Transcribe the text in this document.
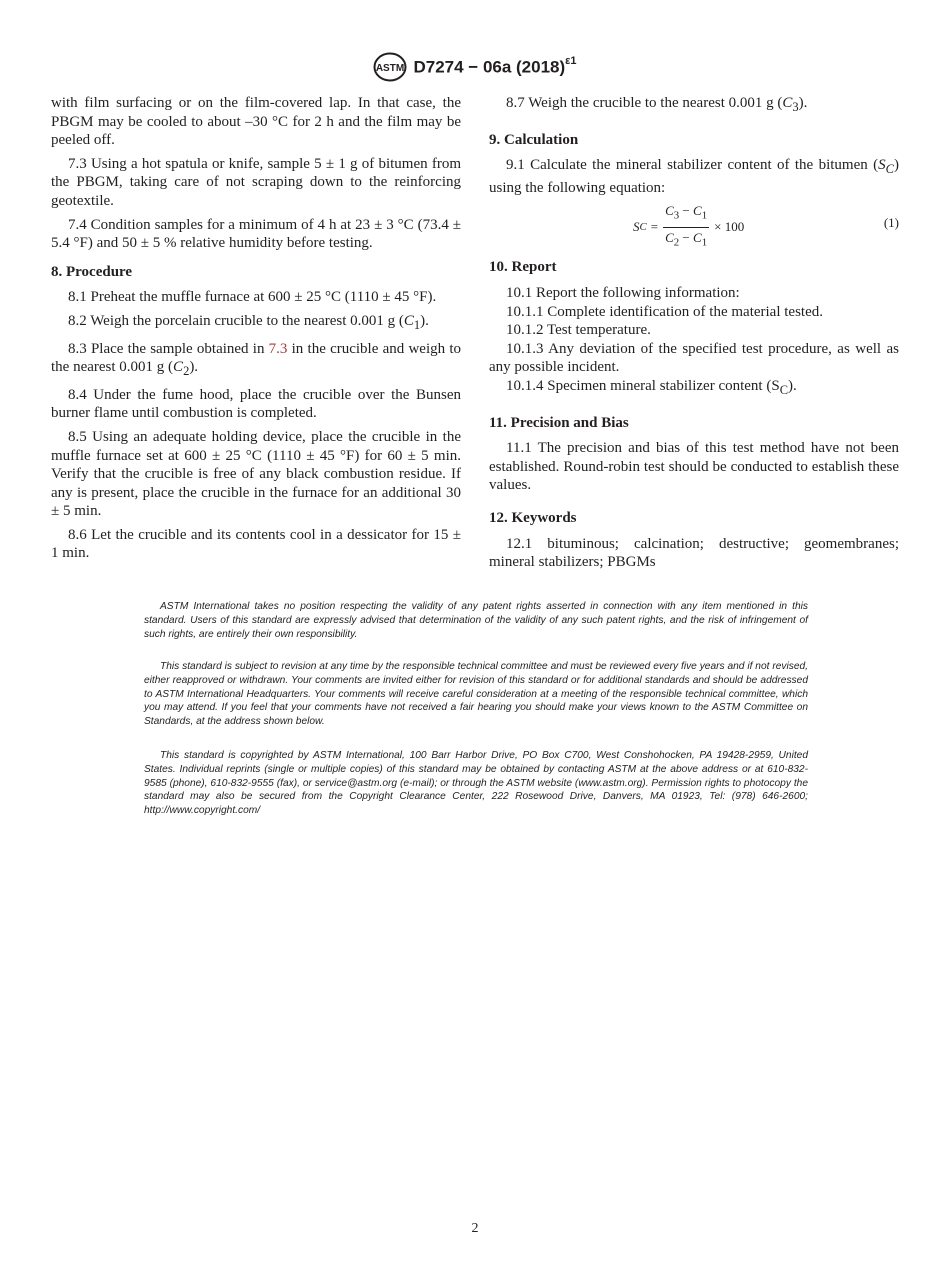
ASTM D7274 − 06a $(2018)^{\varepsilon 1}$

with film surfacing or on the film-covered lap. In that case, the PBGM may be cooled to about –30 °C for 2 h and the film may be peeled off.

7.3 Using a hot spatula or knife, sample 5 ± 1 g of bitumen from the PBGM, taking care of not scraping down to the reinforcing geotextile.

7.4 Condition samples for a minimum of 4 h at 23 ± 3 °C (73.4 ± 5.4 °F) and 50 ± 5 % relative humidity before testing.

8. Procedure

8.1 Preheat the muffle furnace at 600 ± 25 °C (1110 ± 45 °F).

8.2 Weigh the porcelain crucible to the nearest 0.001 g $(C_1)$.

8.3 Place the sample obtained in 7.3 in the crucible and weigh to the nearest 0.001 g $(C_2)$.

8.4 Under the fume hood, place the crucible over the Bunsen burner flame until combustion is completed.

8.5 Using an adequate holding device, place the crucible in the muffle furnace set at 600 ± 25 °C (1110 ± 45 °F) for 60 ± 5 min. Verify that the crucible is free of any black combustion residue. If any is present, place the crucible in the furnace for an additional 30 ± 5 min.

8.6 Let the crucible and its contents cool in a dessicator for 15 ± 1 min.

8.7 Weigh the crucible to the nearest 0.001 g $(C_3)$.

9. Calculation

9.1 Calculate the mineral stabilizer content of the bitumen $(S_C)$ using the following equation:

S $C = \frac{C_3 - C_1}{C_2 - C_1} \times 100$	(1)

10. Report

10.1 Report the following information:

10.1.1 Complete identification of the material tested.

10.1.2 Test temperature.

10.1.3 Any deviation of the specified test procedure, as well as any possible incident.

10.1.4 Specimen mineral stabilizer content $(S_C)$.

11. Precision and Bias

11.1 The precision and bias of this test method have not been established. Round-robin test should be conducted to establish these values.

12. Keywords

12.1 bituminous; calcination; destructive; geomembranes; mineral stabilizers; PBGMs

ASTM International takes no position respecting the validity of any patent rights asserted in connection with any item mentioned in this standard. Users of this standard are expressly advised that determination of the validity of any such patent rights, and the risk of infringement of such rights, are entirely their own responsibility.

This standard is subject to revision at any time by the responsible technical committee and must be reviewed every five years and if not revised, either reapproved or withdrawn. Your comments are invited either for revision of this standard or for additional standards and should be addressed to ASTM International Headquarters. Your comments will receive careful consideration at a meeting of the responsible technical committee, which you may attend. If you feel that your comments have not received a fair hearing you should make your views known to the ASTM Committee on Standards, at the address shown below.

This standard is copyrighted by ASTM International, 100 Barr Harbor Drive, PO Box C700, West Conshohocken, PA 19428-2959, United States. Individual reprints (single or multiple copies) of this standard may be obtained by contacting ASTM at the above address or at 610-832-9585 (phone), 610-832-9555 (fax), or service@astm.org (e-mail); or through the ASTM website (www.astm.org). Permission rights to photocopy the standard may also be secured from the Copyright Clearance Center, 222 Rosewood Drive, Danvers, MA 01923, Tel: (978) 646-2600; http://www.copyright.com/

2
